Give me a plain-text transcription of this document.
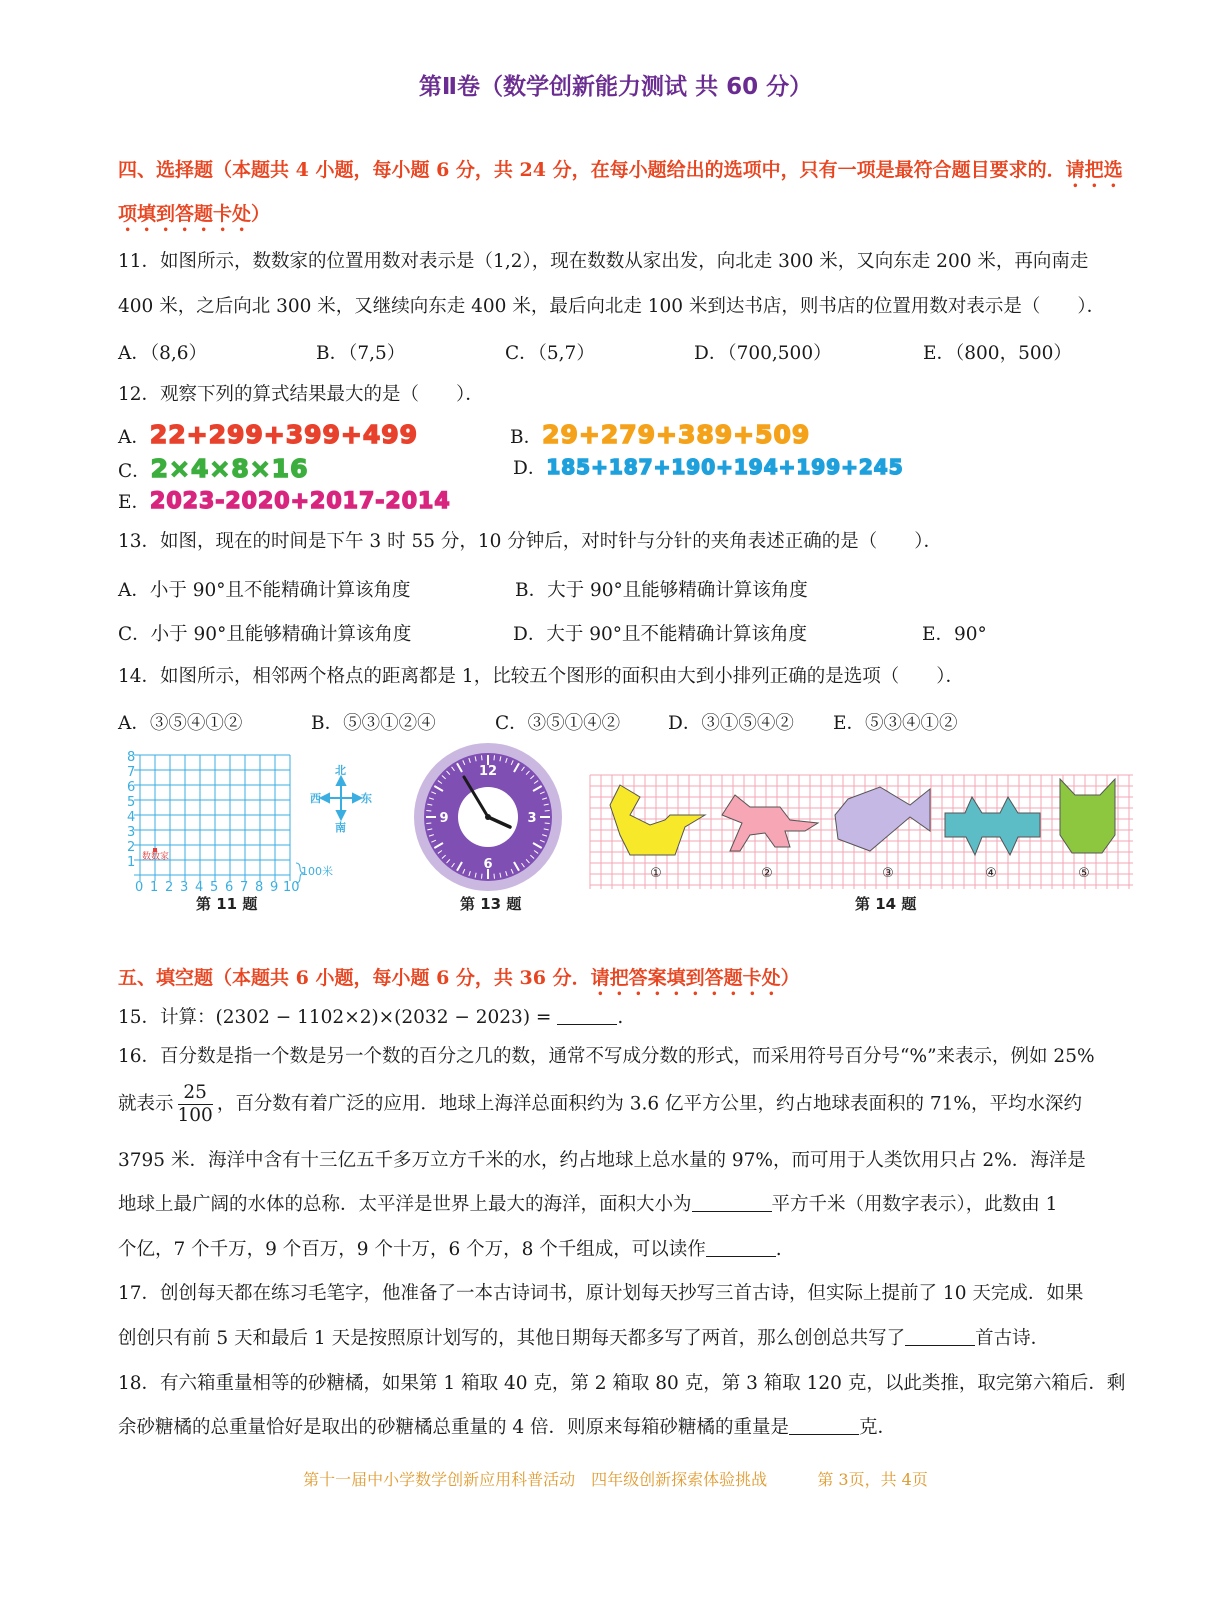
第Ⅱ卷（数学创新能力测试 共 60 分）
四、选择题（本题共 4 小题，每小题 6 分，共 24 分，在每小题给出的选项中，只有一项是最符合题目要求的．请把选
项填到答题卡处）
11．如图所示，数数家的位置用数对表示是（1,2），现在数数从家出发，向北走 300 米，又向东走 200 米，再向南走
400 米，之后向北 300 米，又继续向东走 400 米，最后向北走 100 米到达书店，则书店的位置用数对表示是（　　）．
A．（8,6）	B．（7,5）	C．（5,7）	D．（700,500）	E．（800，500）
12．观察下列的算式结果最大的是（　　）．
A．22+299+399+499	B．29+279+389+509
C．2×4×8×16	D．185+187+190+194+199+245
E．2023-2020+2017-2014
13．如图，现在的时间是下午 3 时 55 分，10 分钟后，对时针与分针的夹角表述正确的是（　　）．
A．小于 90°且不能精确计算该角度	B．大于 90°且能够精确计算该角度
C．小于 90°且能够精确计算该角度	D．大于 90°且不能精确计算该角度	E．90°
14．如图所示，相邻两个格点的距离都是 1，比较五个图形的面积由大到小排列正确的是选项（　　）．
A．③⑤④①②	B．⑤③①②④	C．③⑤①④②	D．③①⑤④② E．⑤③④①②
数数家
8
7
6
5
4
3
2
1
0 1 2 3 4 5 6 7 8 9 10
100米
北
南
西	东
第 11 题
12
3
6
9
第 13 题
①	②	③	④	⑤
第 14 题
五、填空题（本题共 6 小题，每小题 6 分，共 36 分．请把答案填到答题卡处）
15．计算：(2302 − 1102×2)×(2032 − 2023) =	.
16．百分数是指一个数是另一个数的百分之几的数，通常不写成分数的形式，而采用符号百分号“%”来表示，例如 25%
就表示 $\frac{25}{100}$ ，百分数有着广泛的应用．地球上海洋总面积约为 3.6 亿平方公里，约占地球表面积的 71%，平均水深约
3795 米．海洋中含有十三亿五千多万立方千米的水，约占地球上总水量的 97%，而可用于人类饮用只占 2%．海洋是
地球上最广阔的水体的总称．太平洋是世界上最大的海洋，面积大小为	平方千米（用数字表示），此数由 1
个亿，7 个千万，9 个百万，9 个十万，6 个万，8 个千组成，可以读作	.
17．创创每天都在练习毛笔字，他准备了一本古诗词书，原计划每天抄写三首古诗，但实际上提前了 10 天完成．如果
创创只有前 5 天和最后 1 天是按照原计划写的，其他日期每天都多写了两首，那么创创总共写了	首古诗．
18．有六箱重量相等的砂糖橘，如果第 1 箱取 40 克，第 2 箱取 80 克，第 3 箱取 120 克，以此类推，取完第六箱后．剩
余砂糖橘的总重量恰好是取出的砂糖橘总重量的 4 倍．则原来每箱砂糖橘的重量是	克．
第十一届中小学数学创新应用科普活动　四年级创新探索体验挑战	第 3页，共 4页
